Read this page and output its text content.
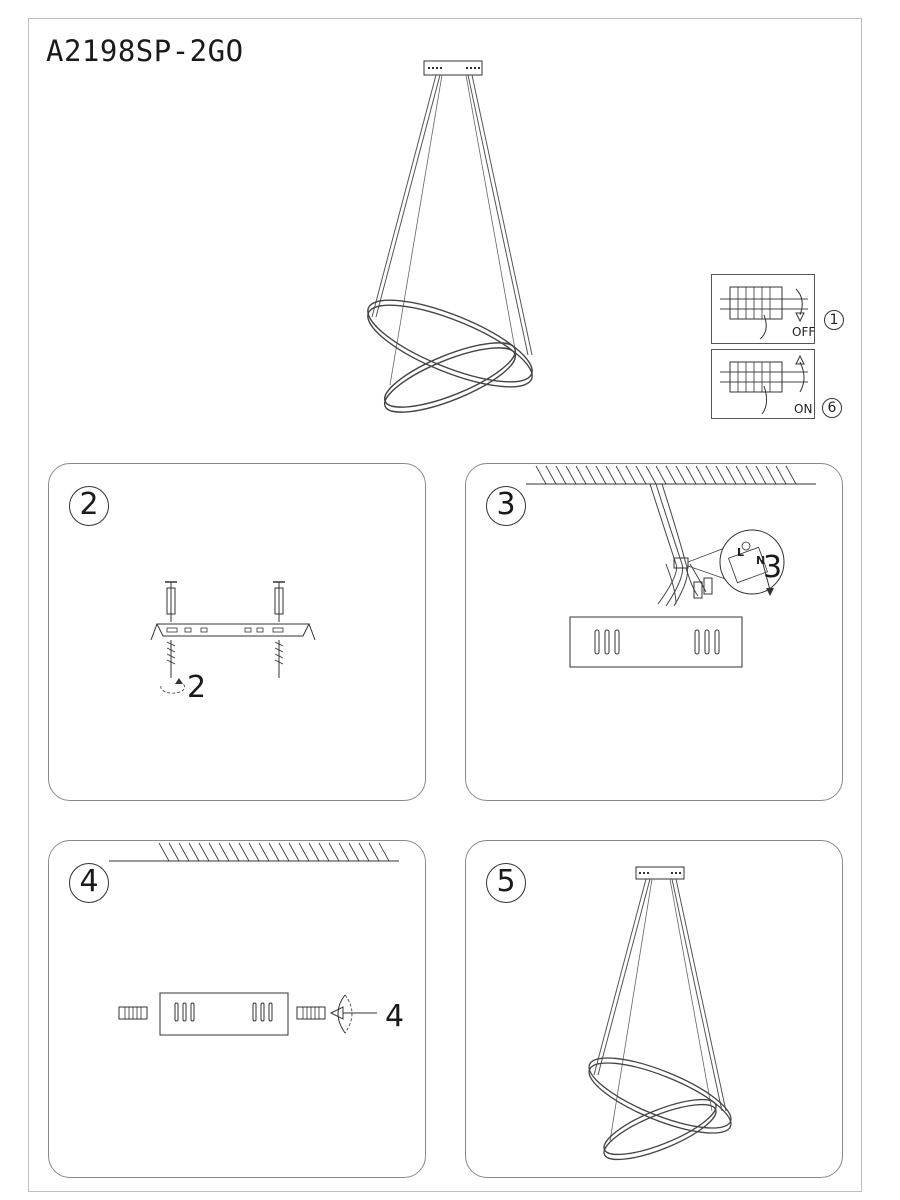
A2198SP-2GO
OFF
1
ON	6
2
2
3
L
N
3
4
4
5
